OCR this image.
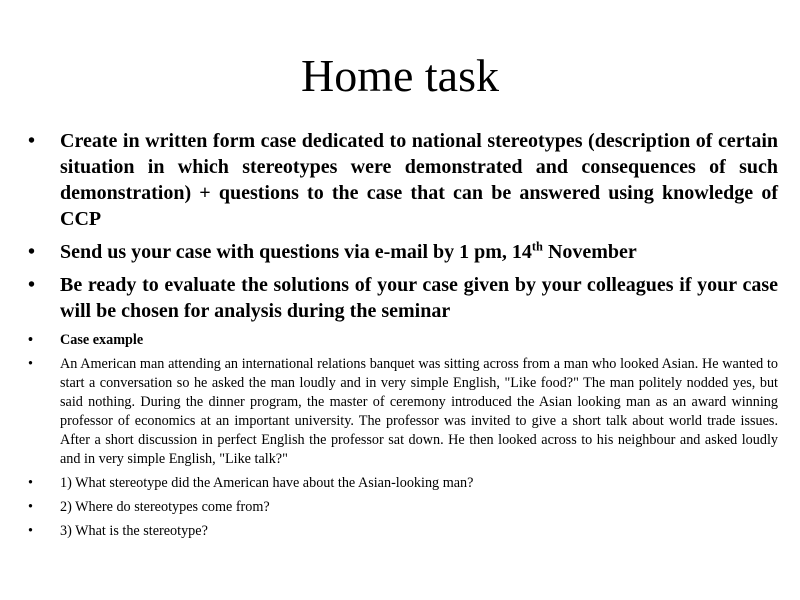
Home task
• Create in written form case dedicated to national stereotypes (description of certain situation in which stereotypes were demonstrated and consequences of such demonstration) + questions to the case that can be answered using knowledge of CCP
• Send us your case with questions via e-mail by 1 pm, 14th November
• Be ready to evaluate the solutions of your case given by your colleagues if your case will be chosen for analysis during the seminar
• Case example
• An American man attending an international relations banquet was sitting across from a man who looked Asian. He wanted to start a conversation so he asked the man loudly and in very simple English, "Like food?" The man politely nodded yes, but said nothing. During the dinner program, the master of ceremony introduced the Asian looking man as an award winning professor of economics at an important university. The professor was invited to give a short talk about world trade issues. After a short discussion in perfect English the professor sat down. He then looked across to his neighbour and asked loudly and in very simple English, "Like talk?"
• 1) What stereotype did the American have about the Asian-looking man?
• 2) Where do stereotypes come from?
• 3) What is the stereotype?
